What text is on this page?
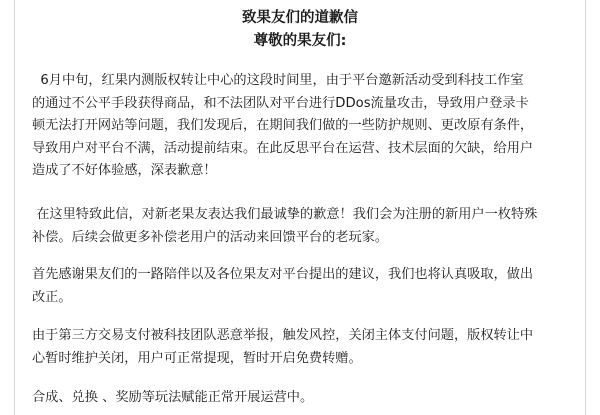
致果友们的道歉信
尊敬的果友们:
6月中旬，红果内测版权转让中心的这段时间里，由于平台邀新活动受到科技工作室
的通过不公平手段获得商品，和不法团队对平台进行DDos流量攻击，导致用户登录卡
顿无法打开网站等问题，我们发现后，在期间我们做的一些防护规则、更改原有条件，
导致用户对平台不满，活动提前结束。在此反思平台在运营、技术层面的欠缺，给用户
造成了不好体验感，深表歉意！
在这里特致此信，对新老果友表达我们最诚挚的歉意！我们会为注册的新用户一枚特殊
补偿。后续会做更多补偿老用户的活动来回馈平台的老玩家。
首先感谢果友们的一路陪伴以及各位果友对平台提出的建议，我们也将认真吸取，做出
改正。
由于第三方交易支付被科技团队恶意举报，触发风控，关闭主体支付问题，版权转让中
心暂时维护关闭，用户可正常提现，暂时开启免费转赠。
合成、兑换 、奖励等玩法赋能正常开展运营中。
